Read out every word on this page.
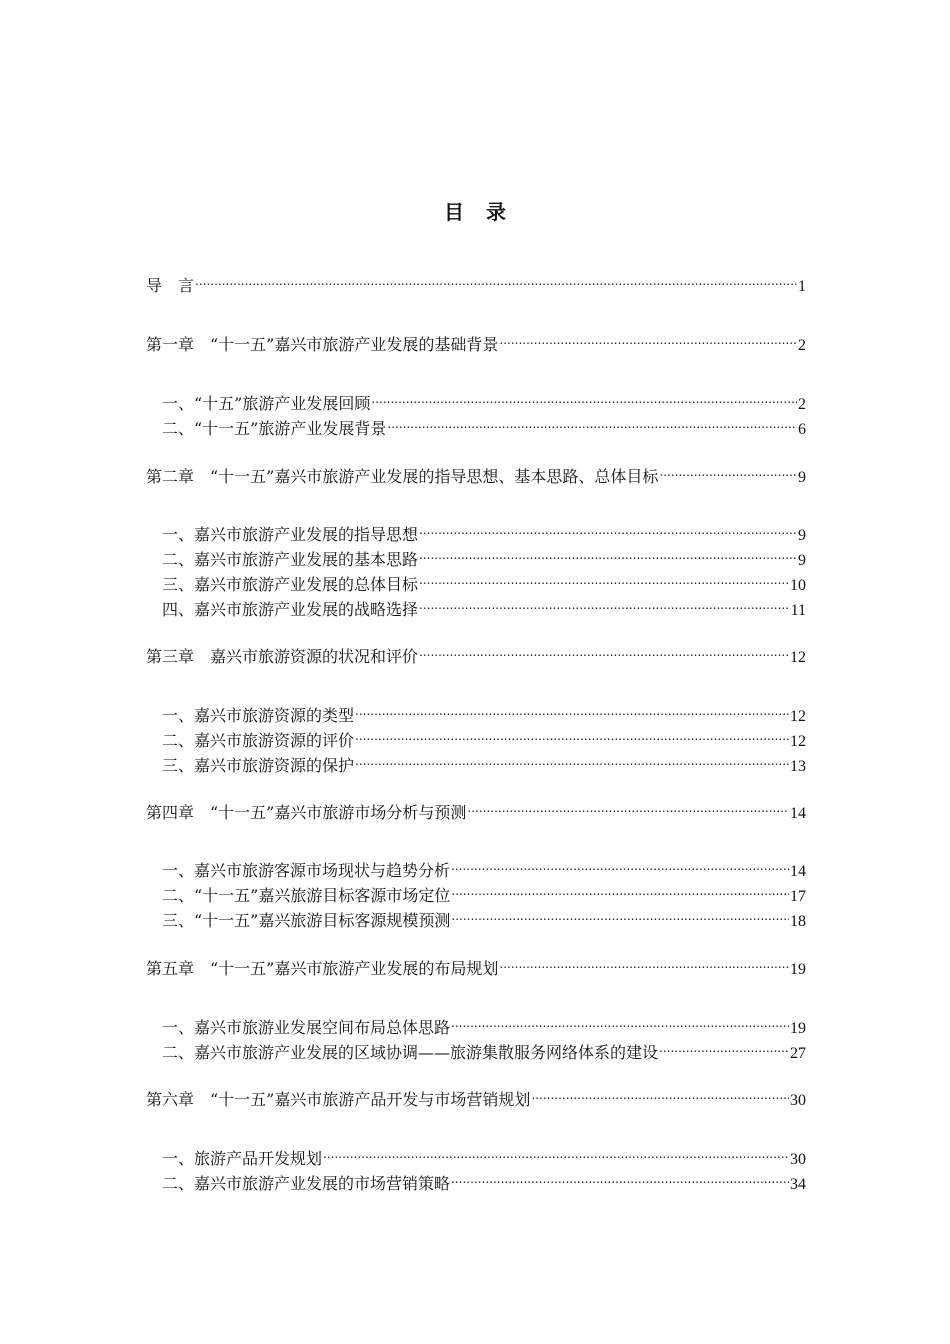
目录
导　言 .....	1
第一章　“十一五”嘉兴市旅游产业发展的基础背景 .....	2
一、“十五”旅游产业发展回顾 .....	2
二、“十一五”旅游产业发展背景 .....	6
第二章　“十一五”嘉兴市旅游产业发展的指导思想、基本思路、总体目标 .....	9
一、嘉兴市旅游产业发展的指导思想 .....	9
二、嘉兴市旅游产业发展的基本思路 .....	9
三、嘉兴市旅游产业发展的总体目标 .....	10
四、嘉兴市旅游产业发展的战略选择 .....	11
第三章　嘉兴市旅游资源的状况和评价 .....	12
一、嘉兴市旅游资源的类型 .....	12
二、嘉兴市旅游资源的评价 .....	12
三、嘉兴市旅游资源的保护 .....	13
第四章　“十一五”嘉兴市旅游市场分析与预测 .....	14
一、嘉兴市旅游客源市场现状与趋势分析 .....	14
二、“十一五”嘉兴旅游目标客源市场定位 .....	17
三、“十一五”嘉兴旅游目标客源规模预测 .....	18
第五章　“十一五”嘉兴市旅游产业发展的布局规划 .....	19
一、嘉兴市旅游业发展空间布局总体思路 .....	19
二、嘉兴市旅游产业发展的区域协调——旅游集散服务网络体系的建设 .....	27
第六章　“十一五”嘉兴市旅游产品开发与市场营销规划 .....	30
一、旅游产品开发规划 .....	30
二、嘉兴市旅游产业发展的市场营销策略 .....	34
